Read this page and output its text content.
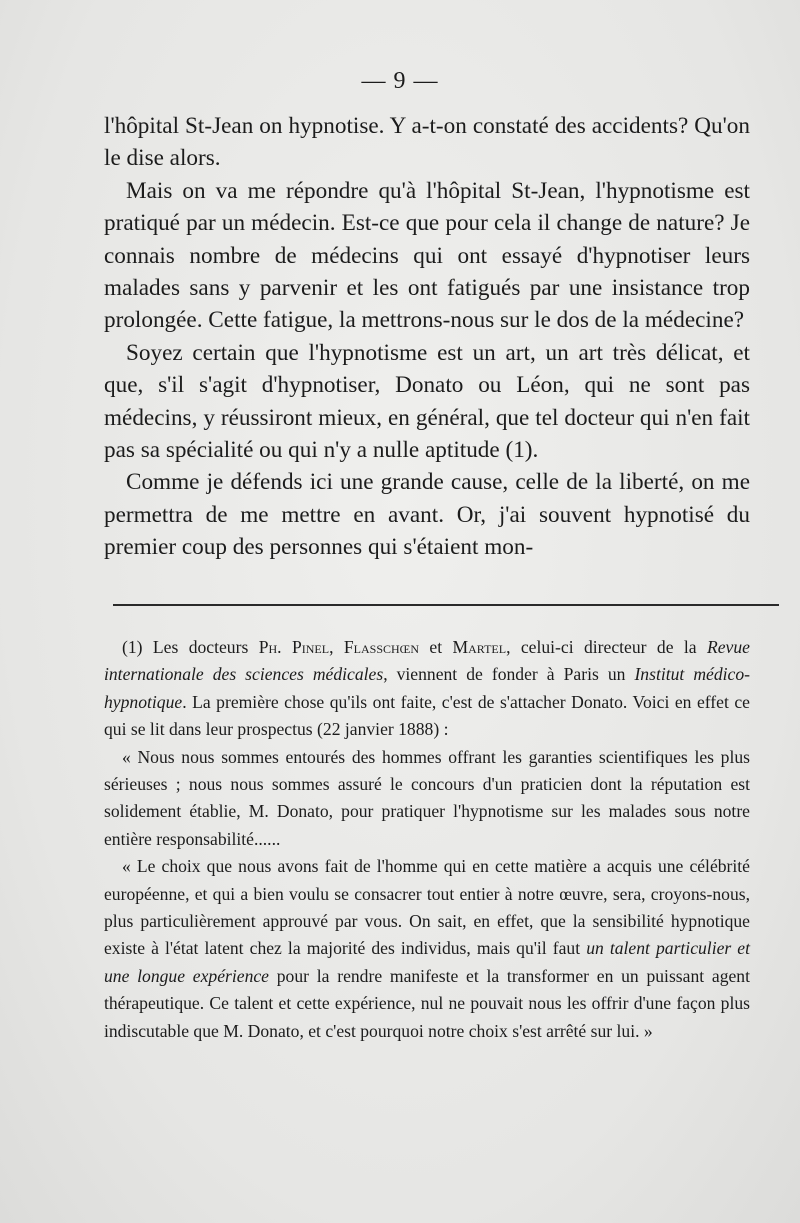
— 9 —

l'hôpital St-Jean on hypnotise. Y a-t-on constaté des accidents? Qu'on le dise alors.

Mais on va me répondre qu'à l'hôpital St-Jean, l'hypnotisme est pratiqué par un médecin. Est-ce que pour cela il change de nature? Je connais nombre de médecins qui ont essayé d'hypnotiser leurs malades sans y parvenir et les ont fatigués par une insistance trop prolongée. Cette fatigue, la mettrons-nous sur le dos de la médecine?

Soyez certain que l'hypnotisme est un art, un art très délicat, et que, s'il s'agit d'hypnotiser, Donato ou Léon, qui ne sont pas médecins, y réussiront mieux, en général, que tel docteur qui n'en fait pas sa spécialité ou qui n'y a nulle aptitude (1).

Comme je défends ici une grande cause, celle de la liberté, on me permettra de me mettre en avant. Or, j'ai souvent hypnotisé du premier coup des personnes qui s'étaient mon-

(1) Les docteurs Ph. Pinel, Flasschœn et Martel, celui-ci directeur de la Revue internationale des sciences médicales, viennent de fonder à Paris un Institut médico-hypnotique. La première chose qu'ils ont faite, c'est de s'attacher Donato. Voici en effet ce qui se lit dans leur prospectus (22 janvier 1888) :

« Nous nous sommes entourés des hommes offrant les garanties scientifiques les plus sérieuses ; nous nous sommes assuré le concours d'un praticien dont la réputation est solidement établie, M. Donato, pour pratiquer l'hypnotisme sur les malades sous notre entière responsabilité......

« Le choix que nous avons fait de l'homme qui en cette matière a acquis une célébrité européenne, et qui a bien voulu se consacrer tout entier à notre œuvre, sera, croyons-nous, plus particulièrement approuvé par vous. On sait, en effet, que la sensibilité hypnotique existe à l'état latent chez la majorité des individus, mais qu'il faut un talent particulier et une longue expérience pour la rendre manifeste et la transformer en un puissant agent thérapeutique. Ce talent et cette expérience, nul ne pouvait nous les offrir d'une façon plus indiscutable que M. Donato, et c'est pourquoi notre choix s'est arrêté sur lui. »
